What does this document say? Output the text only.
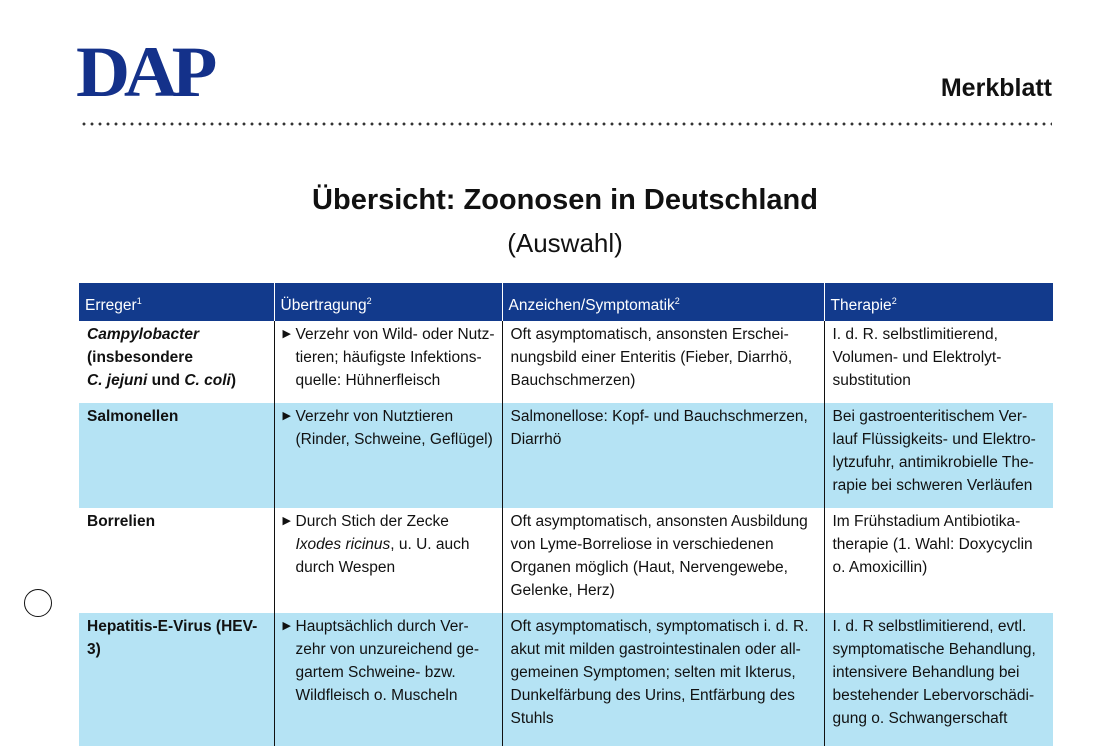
DAP	Merkblatt
Übersicht: Zoonosen in Deutschland
(Auswahl)
Erreger$^1$	Übertragung$^2$	Anzeichen/Symptomatik$^2$	Therapie$^2$
Campylobacter
(insbesondere
C. jejuni und C. coli)	▶ Verzehr von Wild- oder Nutz-tieren; häufigste Infektions-quelle: Hühnerfleisch	Oft asymptomatisch, ansonsten Erschei-nungsbild einer Enteritis (Fieber, Diarrhö, Bauchschmerzen)	I. d. R. selbstlimitierend, Volumen- und Elektrolyt-substitution
Salmonellen	▶ Verzehr von Nutztieren (Rinder, Schweine, Geflügel)	Salmonellose: Kopf- und Bauchschmerzen, Diarrhö	Bei gastroenteritischem Ver-lauf Flüssigkeits- und Elektro-lytzufuhr, antimikrobielle The-rapie bei schweren Verläufen
Borrelien	▶ Durch Stich der Zecke Ixodes ricinus, u. U. auch durch Wespen	Oft asymptomatisch, ansonsten Ausbildung von Lyme-Borreliose in verschiedenen Organen möglich (Haut, Nervengewebe, Gelenke, Herz)	Im Frühstadium Antibiotika-therapie (1. Wahl: Doxycyclin o. Amoxicillin)
Hepatitis-E-Virus (HEV-3)	▶ Hauptsächlich durch Ver-zehr von unzureichend ge-gartem Schweine- bzw. Wildfleisch o. Muscheln	Oft asymptomatisch, symptomatisch i. d. R. akut mit milden gastrointestinalen oder all-gemeinen Symptomen; selten mit Ikterus, Dunkelfärbung des Urins, Entfärbung des Stuhls	I. d. R selbstlimitierend, evtl. symptomatische Behandlung, intensivere Behandlung bei bestehender Lebervorschädi-gung o. Schwangerschaft
